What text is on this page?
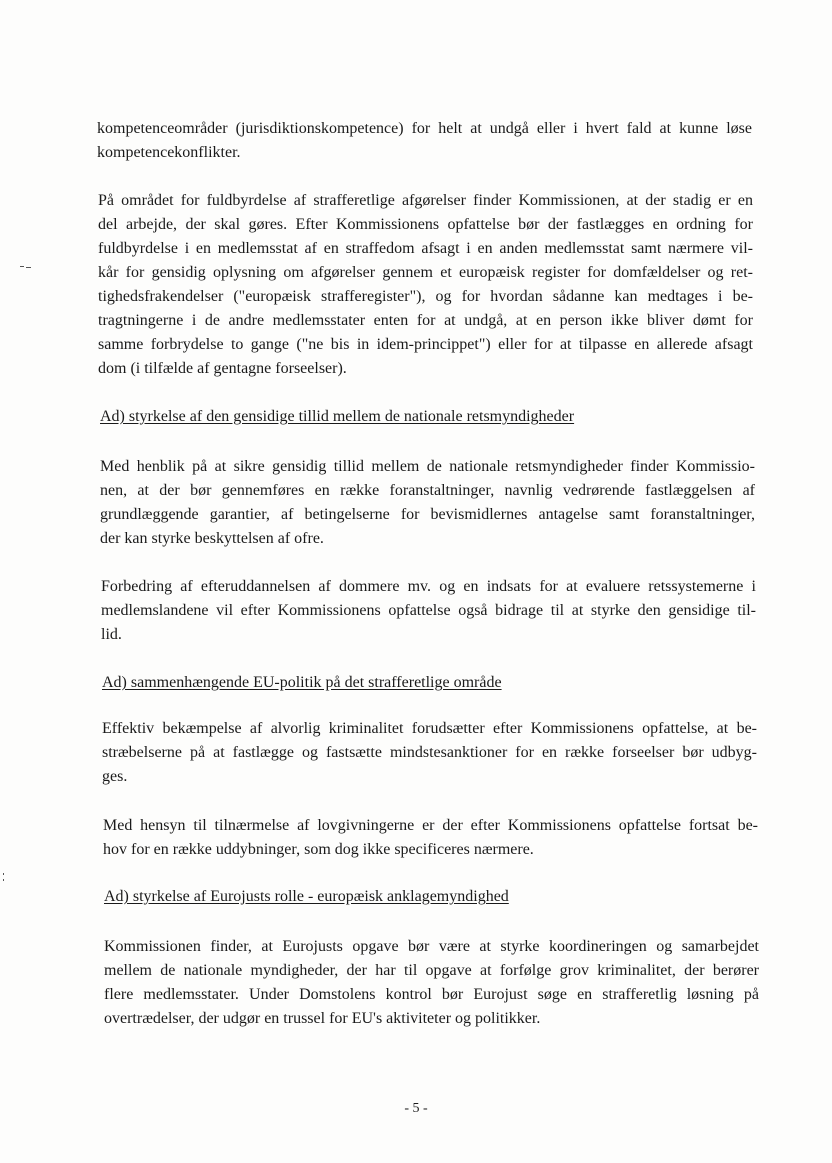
kompetenceområder (jurisdiktionskompetence) for helt at undgå eller i hvert fald at kunne løse
kompetencekonflikter.
På området for fuldbyrdelse af strafferetlige afgørelser finder Kommissionen, at der stadig er en
del arbejde, der skal gøres. Efter Kommissionens opfattelse bør der fastlægges en ordning for
fuldbyrdelse i en medlemsstat af en straffedom afsagt i en anden medlemsstat samt nærmere vil-
kår for gensidig oplysning om afgørelser gennem et europæisk register for domfældelser og ret-
tighedsfrakendelser ("europæisk strafferegister"), og for hvordan sådanne kan medtages i be-
tragtningerne i de andre medlemsstater enten for at undgå, at en person ikke bliver dømt for
samme forbrydelse to gange ("ne bis in idem-princippet") eller for at tilpasse en allerede afsagt
dom (i tilfælde af gentagne forseelser).

Ad) styrkelse af den gensidige tillid mellem de nationale retsmyndigheder

Med henblik på at sikre gensidig tillid mellem de nationale retsmyndigheder finder Kommissio-
nen, at der bør gennemføres en række foranstaltninger, navnlig vedrørende fastlæggelsen af
grundlæggende garantier, af betingelserne for bevismidlernes antagelse samt foranstaltninger,
der kan styrke beskyttelsen af ofre.
Forbedring af efteruddannelsen af dommere mv. og en indsats for at evaluere retssystemerne i
medlemslandene vil efter Kommissionens opfattelse også bidrage til at styrke den gensidige til-
lid.

Ad) sammenhængende EU-politik på det strafferetlige område

Effektiv bekæmpelse af alvorlig kriminalitet forudsætter efter Kommissionens opfattelse, at be-
stræbelserne på at fastlægge og fastsætte mindstesanktioner for en række forseelser bør udbyg-
ges.
Med hensyn til tilnærmelse af lovgivningerne er der efter Kommissionens opfattelse fortsat be-
hov for en række uddybninger, som dog ikke specificeres nærmere.

Ad) styrkelse af Eurojusts rolle - europæisk anklagemyndighed

Kommissionen finder, at Eurojusts opgave bør være at styrke koordineringen og samarbejdet
mellem de nationale myndigheder, der har til opgave at forfølge grov kriminalitet, der berører
flere medlemsstater. Under Domstolens kontrol bør Eurojust søge en strafferetlig løsning på
overtrædelser, der udgør en trussel for EU's aktiviteter og politikker.

- 5 -
